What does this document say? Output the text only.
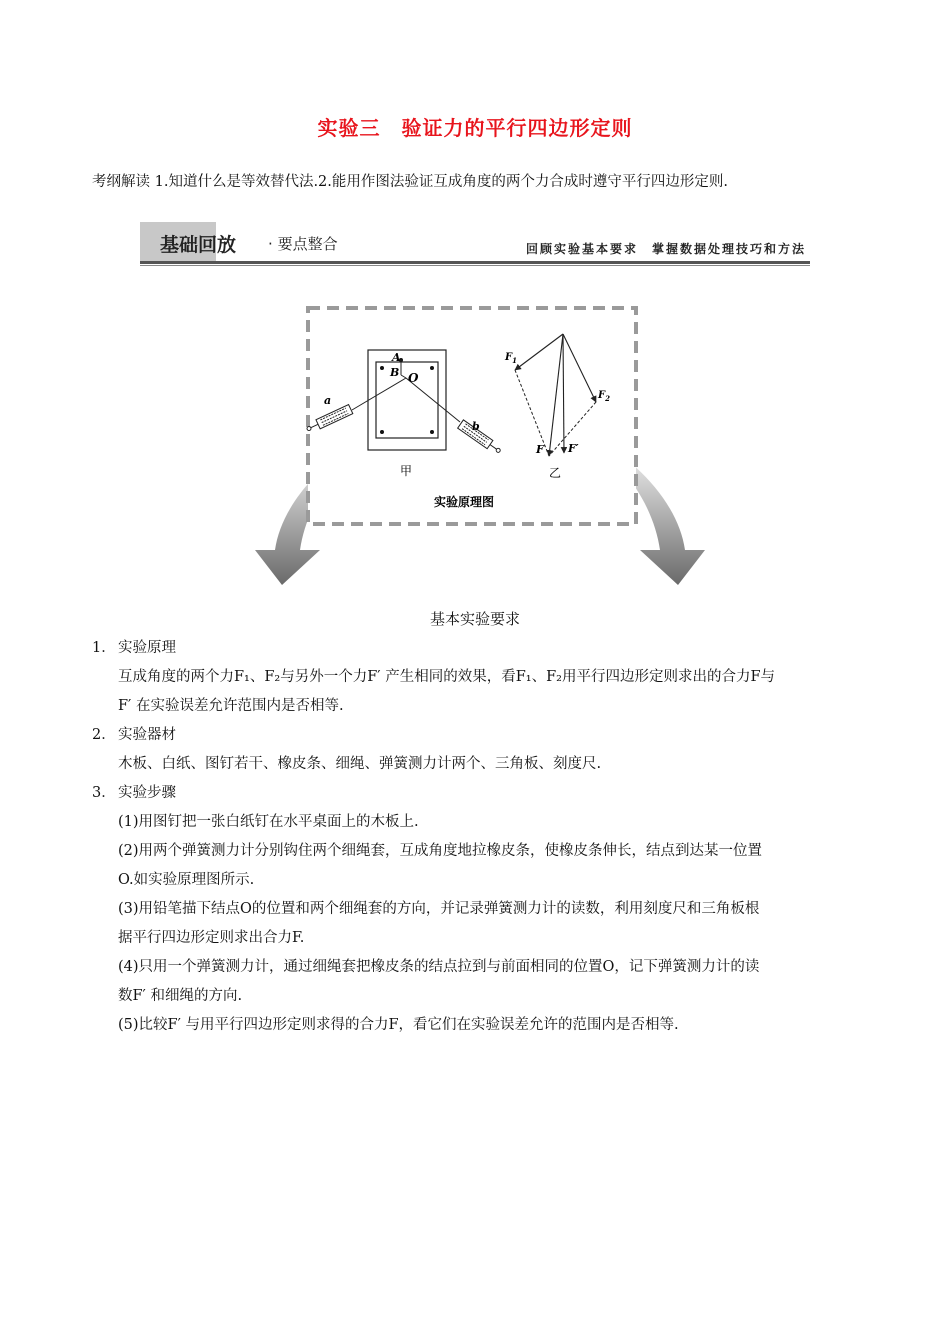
实验三　验证力的平行四边形定则
考纲解读 1.知道什么是等效替代法.2.能用作图法验证互成角度的两个力合成时遵守平行四边形定则.
基础回放 · 要点整合	回顾实验基本要求　掌握数据处理技巧和方法
A
B O
a
b
甲
$F_1$
$F_2$
F F′
乙
实验原理图
基本实验要求
1． 实验原理
互成角度的两个力F₁、F₂与另外一个力F′ 产生相同的效果，看F₁、F₂用平行四边形定则求出的合力F与
F′ 在实验误差允许范围内是否相等.
2． 实验器材
木板、白纸、图钉若干、橡皮条、细绳、弹簧测力计两个、三角板、刻度尺.
3． 实验步骤
(1)用图钉把一张白纸钉在水平桌面上的木板上.
(2)用两个弹簧测力计分别钩住两个细绳套，互成角度地拉橡皮条，使橡皮条伸长，结点到达某一位置
O.如实验原理图所示.
(3)用铅笔描下结点O的位置和两个细绳套的方向，并记录弹簧测力计的读数，利用刻度尺和三角板根
据平行四边形定则求出合力F.
(4)只用一个弹簧测力计，通过细绳套把橡皮条的结点拉到与前面相同的位置O，记下弹簧测力计的读
数F′ 和细绳的方向.
(5)比较F′ 与用平行四边形定则求得的合力F，看它们在实验误差允许的范围内是否相等.
